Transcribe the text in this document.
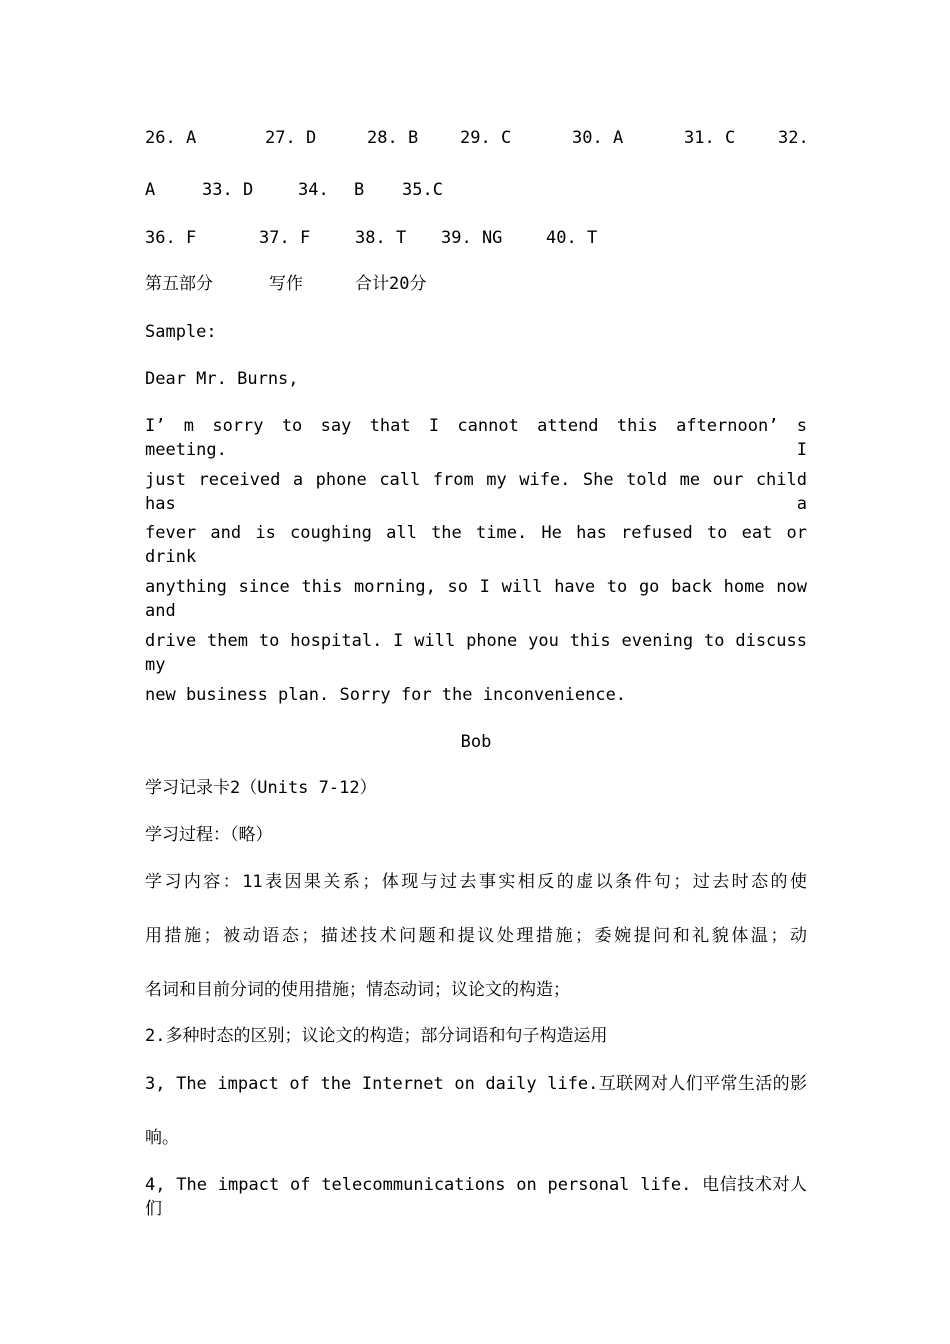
26. A	27. D	28. B 29. C	30. A	31. C	32.
A	33. D	34. B 35.C
36. F	37. F	38. T 39. NG	40. T
第五部分	写作	合计20分
Sample:
Dear Mr. Burns,
I’ m sorry to say that I cannot attend this afternoon’ s meeting. I
just received a phone call from my wife. She told me our child has a
fever and is coughing all the time. He has refused to eat or drink
anything since this morning, so I will have to go back home now and
drive them to hospital. I will phone you this evening to discuss my
new business plan. Sorry for the inconvenience.
Bob
学习记录卡2（Units 7-12）
学习过程：（略）
学习内容：11表因果关系；体现与过去事实相反的虚以条件句；过去时态的使
用措施；被动语态；描述技术问题和提议处理措施；委婉提问和礼貌体温；动
名词和目前分词的使用措施；情态动词；议论文的构造；
2.多种时态的区别；议论文的构造；部分词语和句子构造运用
3, The impact of the Internet on daily life.互联网对人们平常生活的影
响。
4, The impact of telecommunications on personal life. 电信技术对人们
